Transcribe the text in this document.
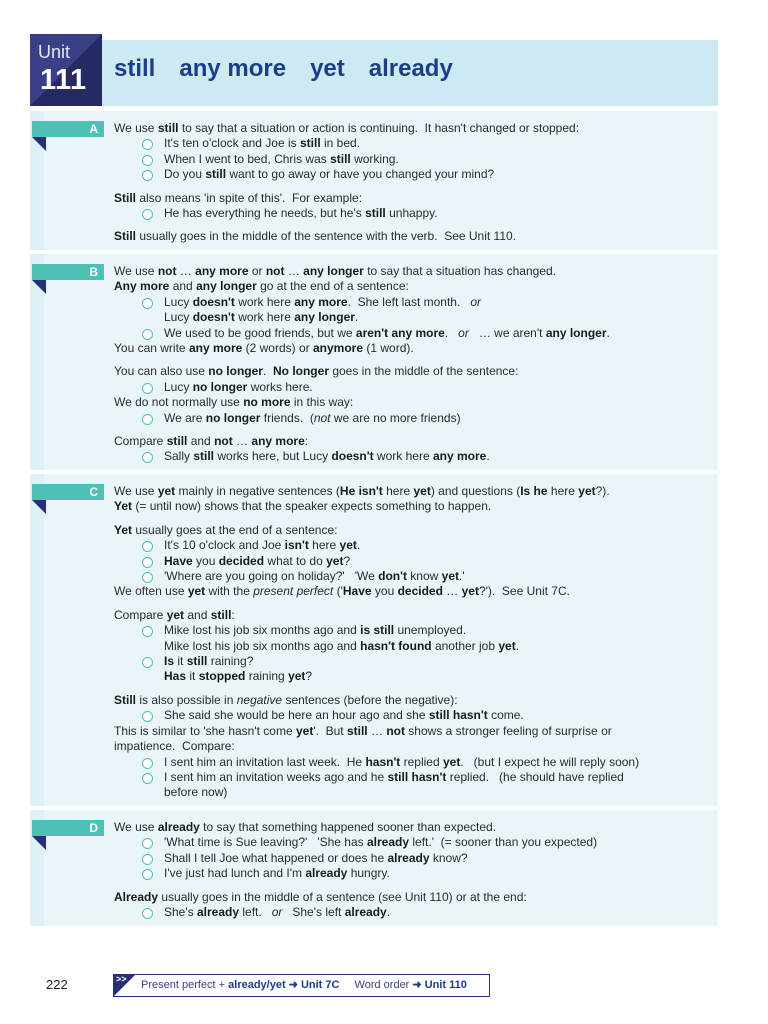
Unit
111 still any more yet already
A	We use still to say that a situation or action is continuing.  It hasn't changed or stopped:

It's ten o'clock and Joe is still in bed.

When I went to bed, Chris was still working.

Do you still want to go away or have you changed your mind?

Still also means 'in spite of this'.  For example:

He has everything he needs, but he's still unhappy.

Still usually goes in the middle of the sentence with the verb.  See Unit 110.

B	We use not … any more or not … any longer to say that a situation has changed.

Any more and any longer go at the end of a sentence:

Lucy doesn't work here any more.  She left last month.   or

Lucy doesn't work here any longer.

We used to be good friends, but we aren't any more.   or   … we aren't any longer.

You can write any more (2 words) or anymore (1 word).

You can also use no longer.  No longer goes in the middle of the sentence:

Lucy no longer works here.

We do not normally use no more in this way:

We are no longer friends.  (not we are no more friends)

Compare still and not … any more:

Sally still works here, but Lucy doesn't work here any more.

C	We use yet mainly in negative sentences (He isn't here yet) and questions (Is he here yet?).

Yet (= until now) shows that the speaker expects something to happen.

Yet usually goes at the end of a sentence:

It's 10 o'clock and Joe isn't here yet.

Have you decided what to do yet?

'Where are you going on holiday?'   'We don't know yet.'

We often use yet with the present perfect ('Have you decided … yet?').  See Unit 7C.

Compare yet and still:

Mike lost his job six months ago and is still unemployed.

Mike lost his job six months ago and hasn't found another job yet.

Is it still raining?

Has it stopped raining yet?

Still is also possible in negative sentences (before the negative):

She said she would be here an hour ago and she still hasn't come.

This is similar to 'she hasn't come yet'.  But still … not shows a stronger feeling of surprise or

impatience.  Compare:

I sent him an invitation last week.  He hasn't replied yet.   (but I expect he will reply soon)

I sent him an invitation weeks ago and he still hasn't replied.   (he should have replied

before now)

D	We use already to say that something happened sooner than expected.

'What time is Sue leaving?'   'She has already left.'  (= sooner than you expected)

Shall I tell Joe what happened or does he already know?

I've just had lunch and I'm already hungry.

Already usually goes in the middle of a sentence (see Unit 110) or at the end:

She's already left.   or   She's left already.

222	>> Present perfect + already/yet ➜ Unit 7C Word order ➜ Unit 110
